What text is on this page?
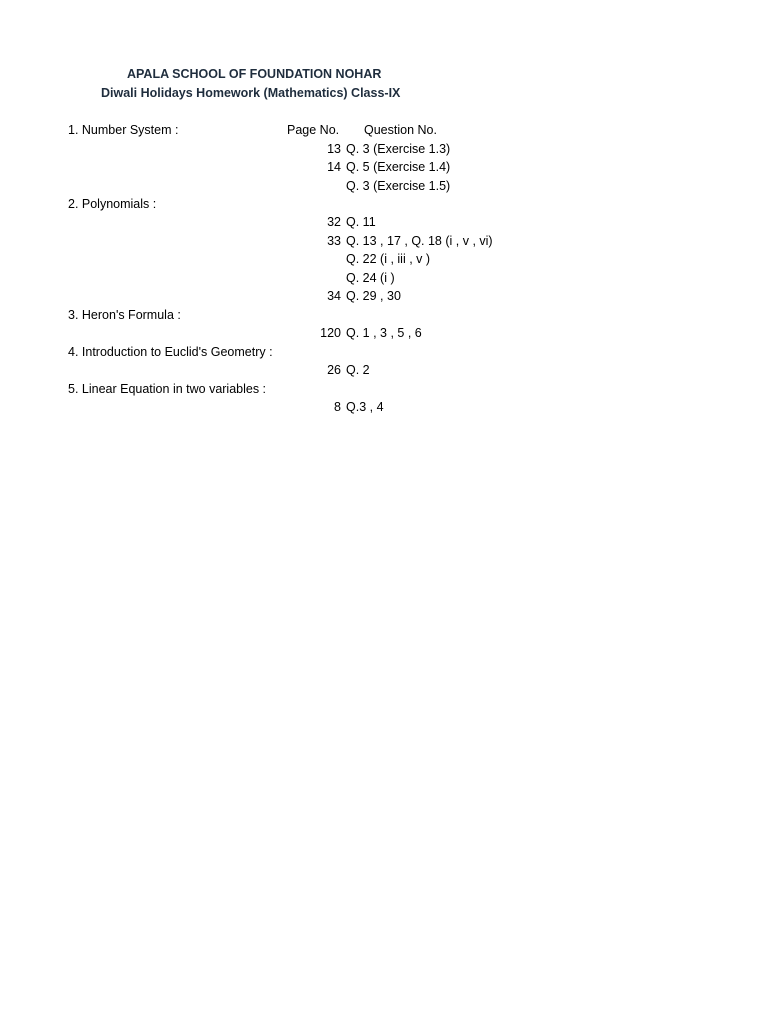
APALA SCHOOL OF FOUNDATION NOHAR
Diwali Holidays Homework (Mathematics) Class-IX
1. Number System :	Page No. Question No.
13 Q. 3 (Exercise 1.3)
14 Q. 5 (Exercise 1.4)
Q. 3 (Exercise 1.5)
2. Polynomials :
32 Q. 11
33 Q. 13 , 17 , Q. 18 (i , v , vi)
Q. 22 (i , iii , v )
Q. 24 (i )
34 Q. 29 , 30
3. Heron's Formula :
120 Q. 1 , 3 , 5 , 6
4. Introduction to Euclid's Geometry :
26 Q. 2
5. Linear Equation in two variables :
8 Q.3 , 4
